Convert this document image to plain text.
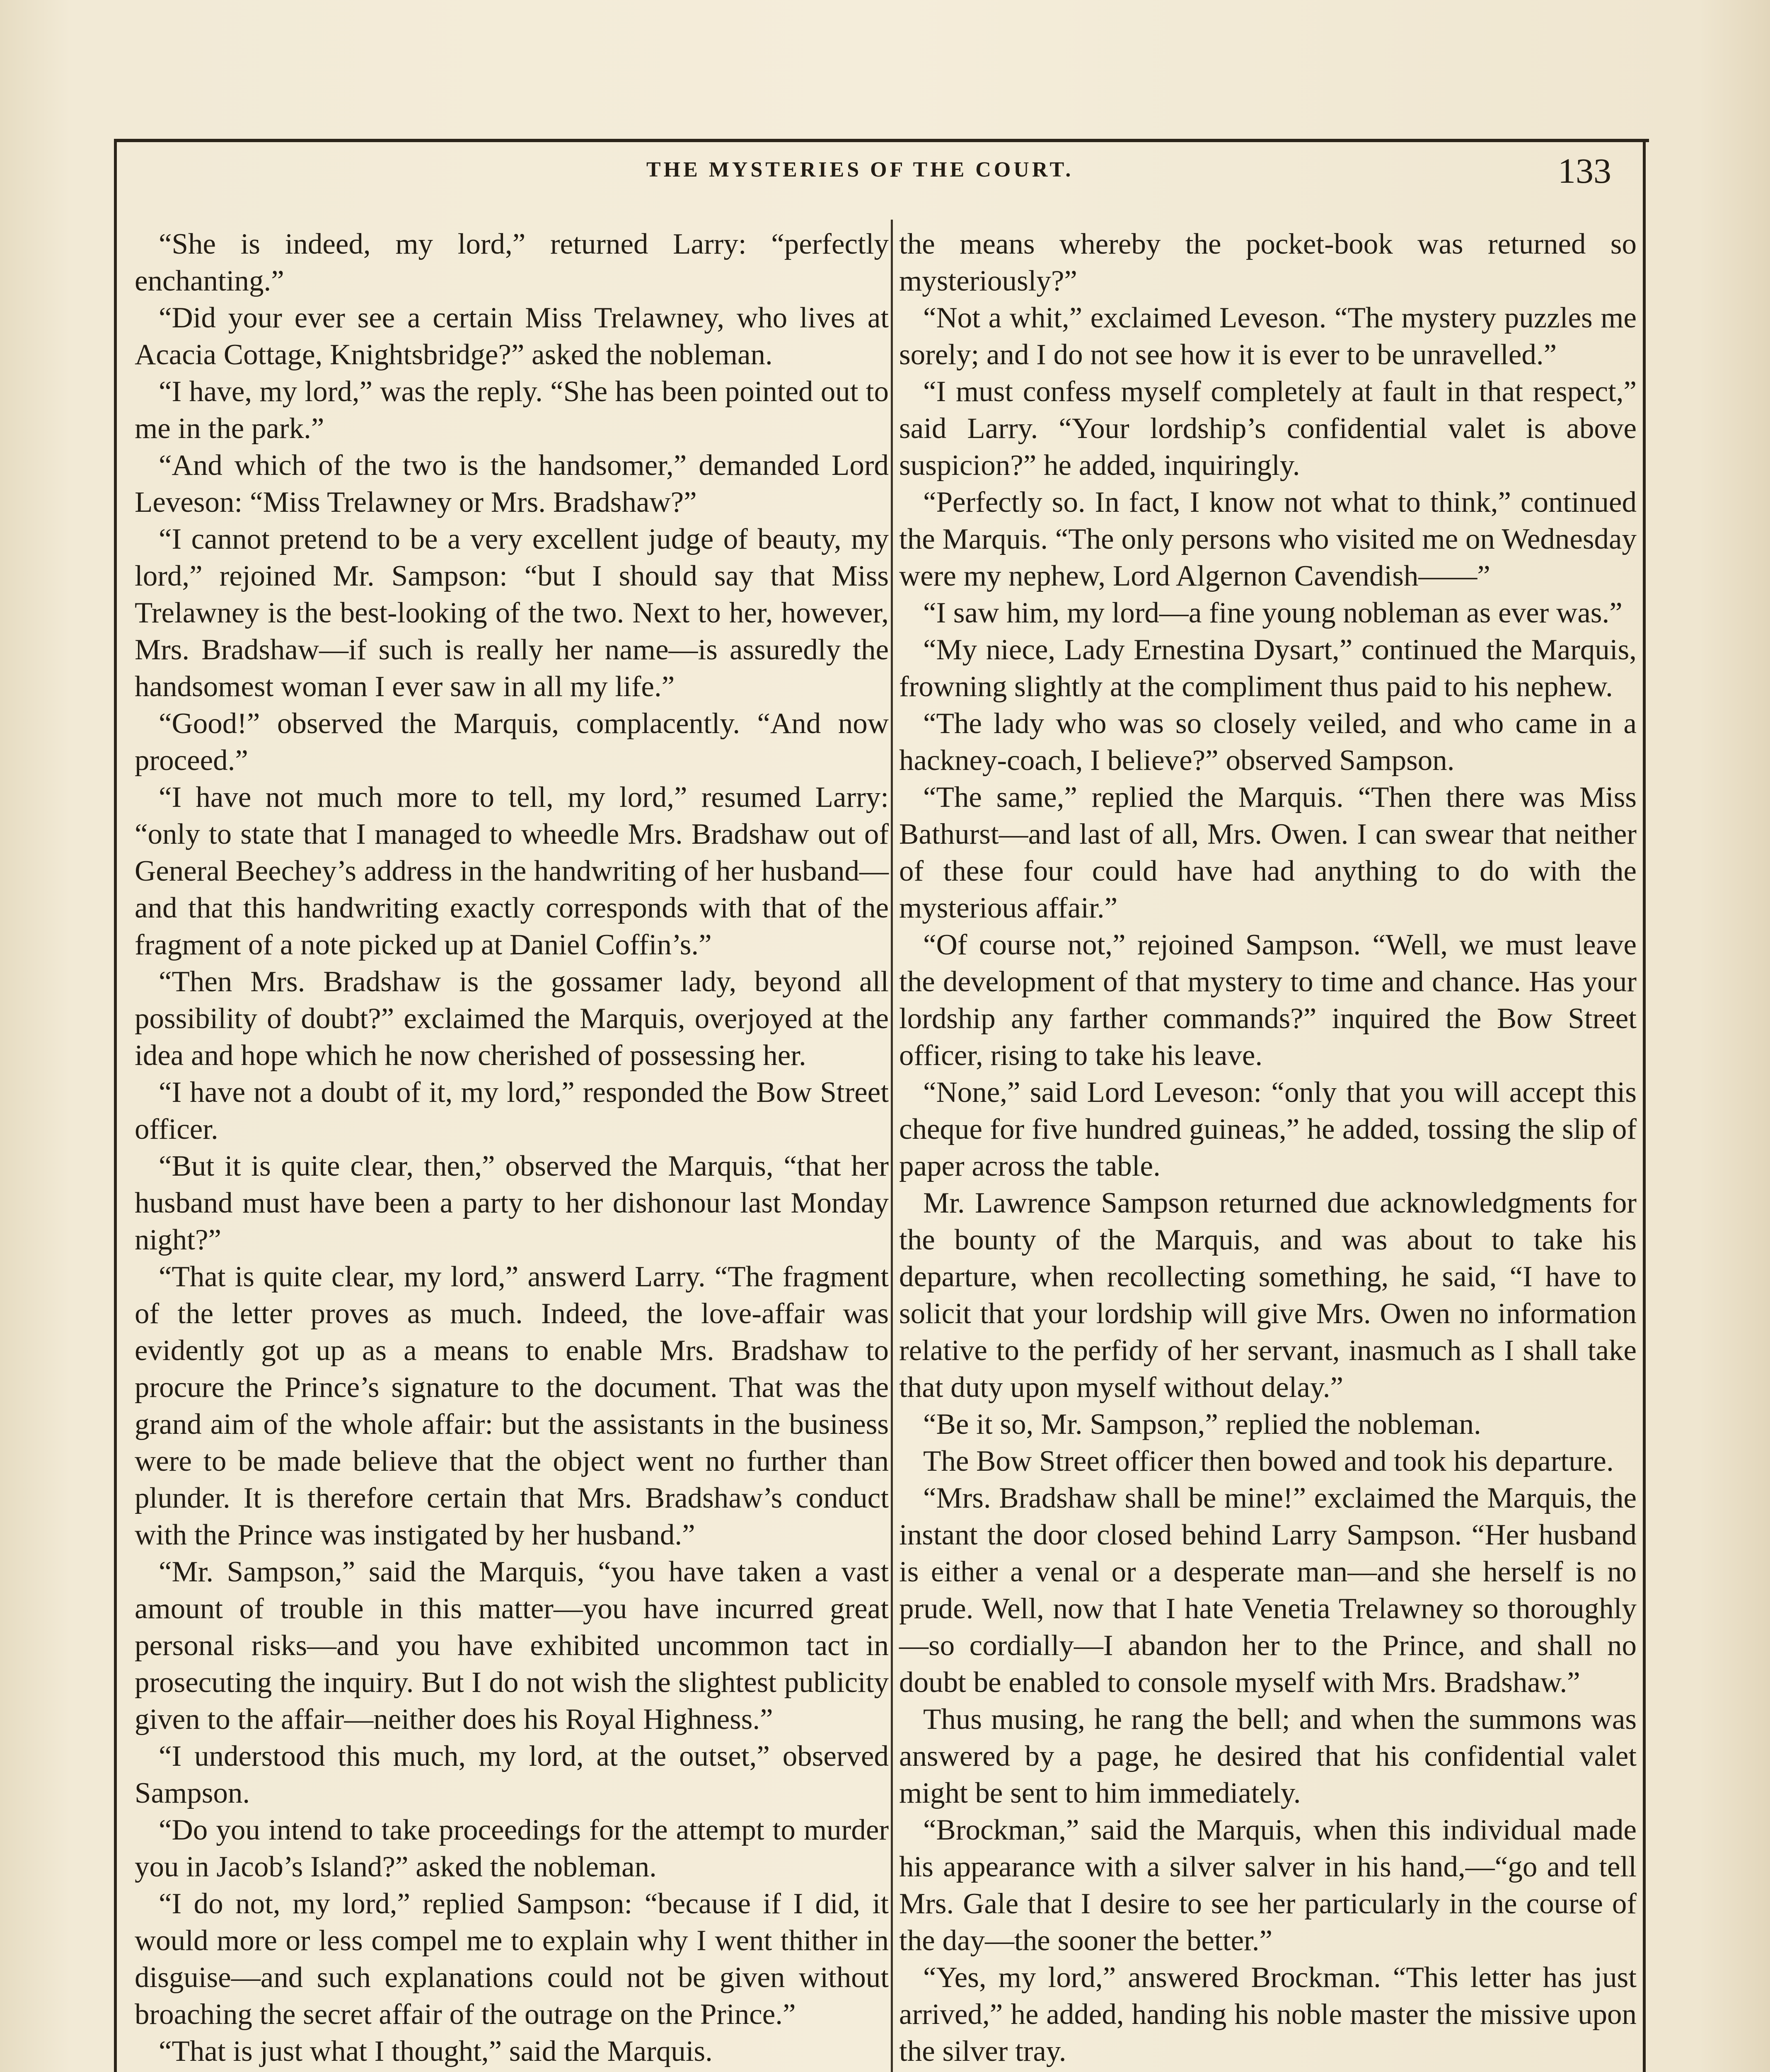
THE MYSTERIES OF THE COURT.	133

“She is indeed, my lord,” returned Larry: “perfectly enchanting.”

“Did your ever see a certain Miss Trelawney, who lives at Acacia Cottage, Knightsbridge?” asked the nobleman.

“I have, my lord,” was the reply. “She has been pointed out to me in the park.”

“And which of the two is the handsomer,” demanded Lord Leveson: “Miss Trelawney or Mrs. Bradshaw?”

“I cannot pretend to be a very excellent judge of beauty, my lord,” rejoined Mr. Sampson: “but I should say that Miss Trelawney is the best-looking of the two. Next to her, however, Mrs. Bradshaw—if such is really her name—is assuredly the handsomest woman I ever saw in all my life.”

“Good!” observed the Marquis, complacently. “And now proceed.”

“I have not much more to tell, my lord,” resumed Larry: “only to state that I managed to wheedle Mrs. Bradshaw out of General Beechey’s address in the handwriting of her husband—and that this handwriting exactly corresponds with that of the fragment of a note picked up at Daniel Coffin’s.”

“Then Mrs. Bradshaw is the gossamer lady, beyond all possibility of doubt?” exclaimed the Marquis, overjoyed at the idea and hope which he now cherished of possessing her.

“I have not a doubt of it, my lord,” responded the Bow Street officer.

“But it is quite clear, then,” observed the Marquis, “that her husband must have been a party to her dishonour last Monday night?”

“That is quite clear, my lord,” answerd Larry. “The fragment of the letter proves as much. Indeed, the love-affair was evidently got up as a means to enable Mrs. Bradshaw to procure the Prince’s signature to the document. That was the grand aim of the whole affair: but the assistants in the business were to be made believe that the object went no further than plunder. It is therefore certain that Mrs. Bradshaw’s conduct with the Prince was instigated by her husband.”

“Mr. Sampson,” said the Marquis, “you have taken a vast amount of trouble in this matter—you have incurred great personal risks—and you have exhibited uncommon tact in prosecuting the inquiry. But I do not wish the slightest publicity given to the affair—neither does his Royal Highness.”

“I understood this much, my lord, at the outset,” observed Sampson.

“Do you intend to take proceedings for the attempt to murder you in Jacob’s Island?” asked the nobleman.

“I do not, my lord,” replied Sampson: “because if I did, it would more or less compel me to explain why I went thither in disguise—and such explanations could not be given without broaching the secret affair of the outrage on the Prince.”

“That is just what I thought,” said the Marquis.

the means whereby the pocket-book was returned so mysteriously?”

“Not a whit,” exclaimed Leveson. “The mystery puzzles me sorely; and I do not see how it is ever to be unravelled.”

“I must confess myself completely at fault in that respect,” said Larry. “Your lordship’s confidential valet is above suspicion?” he added, inquiringly.

“Perfectly so. In fact, I know not what to think,” continued the Marquis. “The only persons who visited me on Wednesday were my nephew, Lord Algernon Cavendish——”

“I saw him, my lord—a fine young nobleman as ever was.”

“My niece, Lady Ernestina Dysart,” continued the Marquis, frowning slightly at the compliment thus paid to his nephew.

“The lady who was so closely veiled, and who came in a hackney-coach, I believe?” observed Sampson.

“The same,” replied the Marquis. “Then there was Miss Bathurst—and last of all, Mrs. Owen. I can swear that neither of these four could have had anything to do with the mysterious affair.”

“Of course not,” rejoined Sampson. “Well, we must leave the development of that mystery to time and chance. Has your lordship any farther commands?” inquired the Bow Street officer, rising to take his leave.

“None,” said Lord Leveson: “only that you will accept this cheque for five hundred guineas,” he added, tossing the slip of paper across the table.

Mr. Lawrence Sampson returned due acknowledgments for the bounty of the Marquis, and was about to take his departure, when recollecting something, he said, “I have to solicit that your lordship will give Mrs. Owen no information relative to the perfidy of her servant, inasmuch as I shall take that duty upon myself without delay.”

“Be it so, Mr. Sampson,” replied the nobleman.

The Bow Street officer then bowed and took his departure.

“Mrs. Bradshaw shall be mine!” exclaimed the Marquis, the instant the door closed behind Larry Sampson. “Her husband is either a venal or a desperate man—and she herself is no prude. Well, now that I hate Venetia Trelawney so thoroughly—so cordially—I abandon her to the Prince, and shall no doubt be enabled to console myself with Mrs. Bradshaw.”

Thus musing, he rang the bell; and when the summons was answered by a page, he desired that his confidential valet might be sent to him immediately.

“Brockman,” said the Marquis, when this individual made his appearance with a silver salver in his hand,—“go and tell Mrs. Gale that I desire to see her particularly in the course of the day—the sooner the better.”

“Yes, my lord,” answered Brockman. “This letter has just arrived,” he added, handing his noble master the missive upon the silver tray.
